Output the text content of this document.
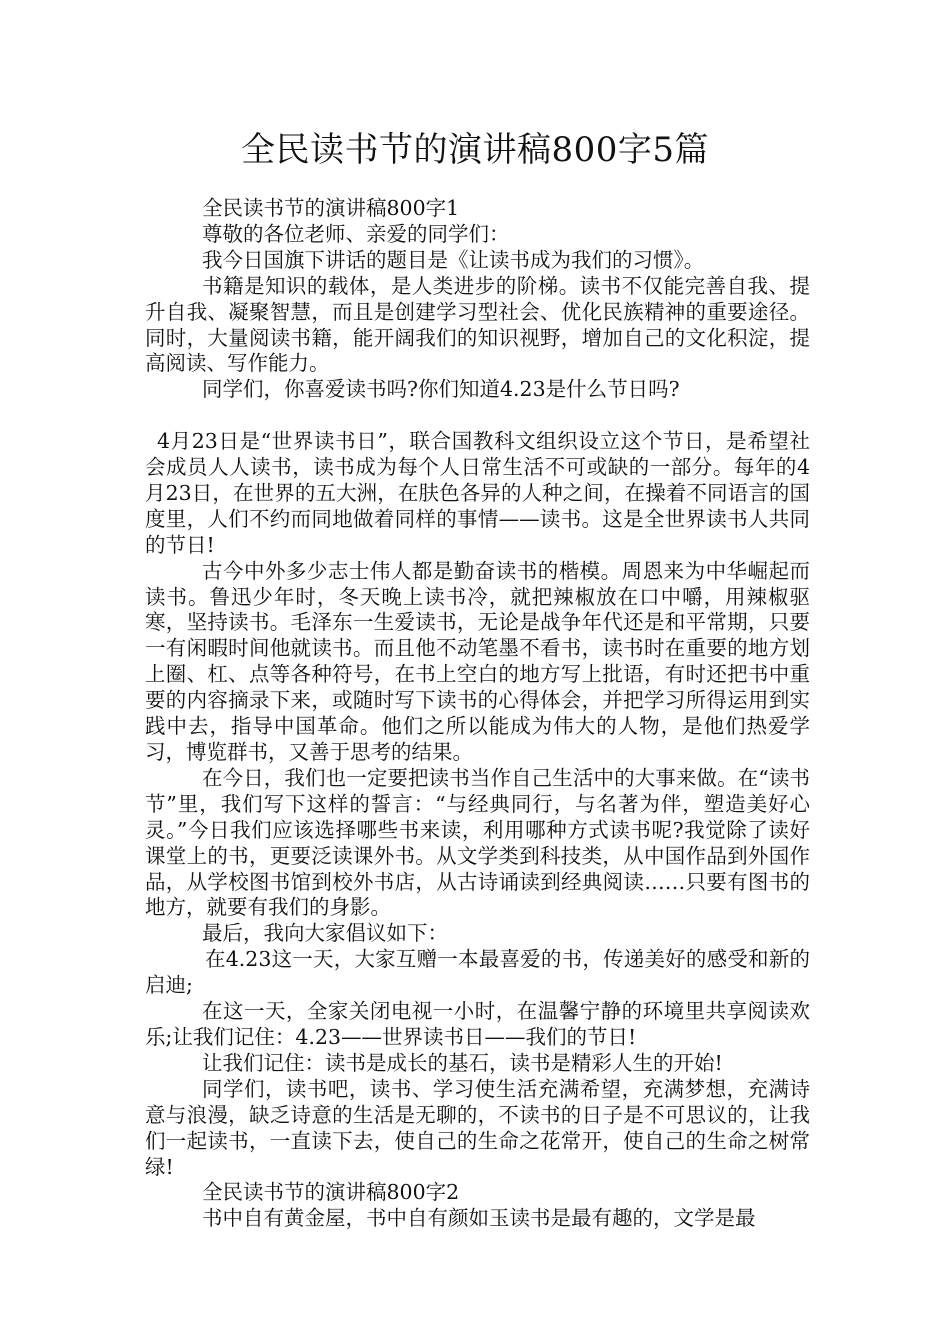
全民读书节的演讲稿800字5篇

全民读书节的演讲稿800字1

尊敬的各位老师、亲爱的同学们：

我今日国旗下讲话的题目是《让读书成为我们的习惯》。

书籍是知识的载体，是人类进步的阶梯。读书不仅能完善自我、提升自我、凝聚智慧，而且是创建学习型社会、优化民族精神的重要途径。同时，大量阅读书籍，能开阔我们的知识视野，增加自己的文化积淀，提高阅读、写作能力。

同学们，你喜爱读书吗?你们知道4.23是什么节日吗?

4月23日是“世界读书日”，联合国教科文组织设立这个节日，是希望社会成员人人读书，读书成为每个人日常生活不可或缺的一部分。每年的4月23日，在世界的五大洲，在肤色各异的人种之间，在操着不同语言的国度里，人们不约而同地做着同样的事情——读书。这是全世界读书人共同的节日!

古今中外多少志士伟人都是勤奋读书的楷模。周恩来为中华崛起而读书。鲁迅少年时，冬天晚上读书冷，就把辣椒放在口中嚼，用辣椒驱寒，坚持读书。毛泽东一生爱读书，无论是战争年代还是和平常期，只要一有闲暇时间他就读书。而且他不动笔墨不看书，读书时在重要的地方划上圈、杠、点等各种符号，在书上空白的地方写上批语，有时还把书中重要的内容摘录下来，或随时写下读书的心得体会，并把学习所得运用到实践中去，指导中国革命。他们之所以能成为伟大的人物，是他们热爱学习，博览群书，又善于思考的结果。

在今日，我们也一定要把读书当作自己生活中的大事来做。在“读书节”里，我们写下这样的誓言：“与经典同行，与名著为伴，塑造美好心灵。”今日我们应该选择哪些书来读，利用哪种方式读书呢?我觉除了读好课堂上的书，更要泛读课外书。从文学类到科技类，从中国作品到外国作品，从学校图书馆到校外书店，从古诗诵读到经典阅读……只要有图书的地方，就要有我们的身影。

最后，我向大家倡议如下：

在4.23这一天，大家互赠一本最喜爱的书，传递美好的感受和新的启迪;

在这一天，全家关闭电视一小时，在温馨宁静的环境里共享阅读欢乐;让我们记住：4.23——世界读书日——我们的节日!

让我们记住：读书是成长的基石，读书是精彩人生的开始!

同学们，读书吧，读书、学习使生活充满希望，充满梦想，充满诗意与浪漫，缺乏诗意的生活是无聊的，不读书的日子是不可思议的，让我们一起读书，一直读下去，使自己的生命之花常开，使自己的生命之树常绿!

全民读书节的演讲稿800字2

书中自有黄金屋，书中自有颜如玉读书是最有趣的，文学是最
